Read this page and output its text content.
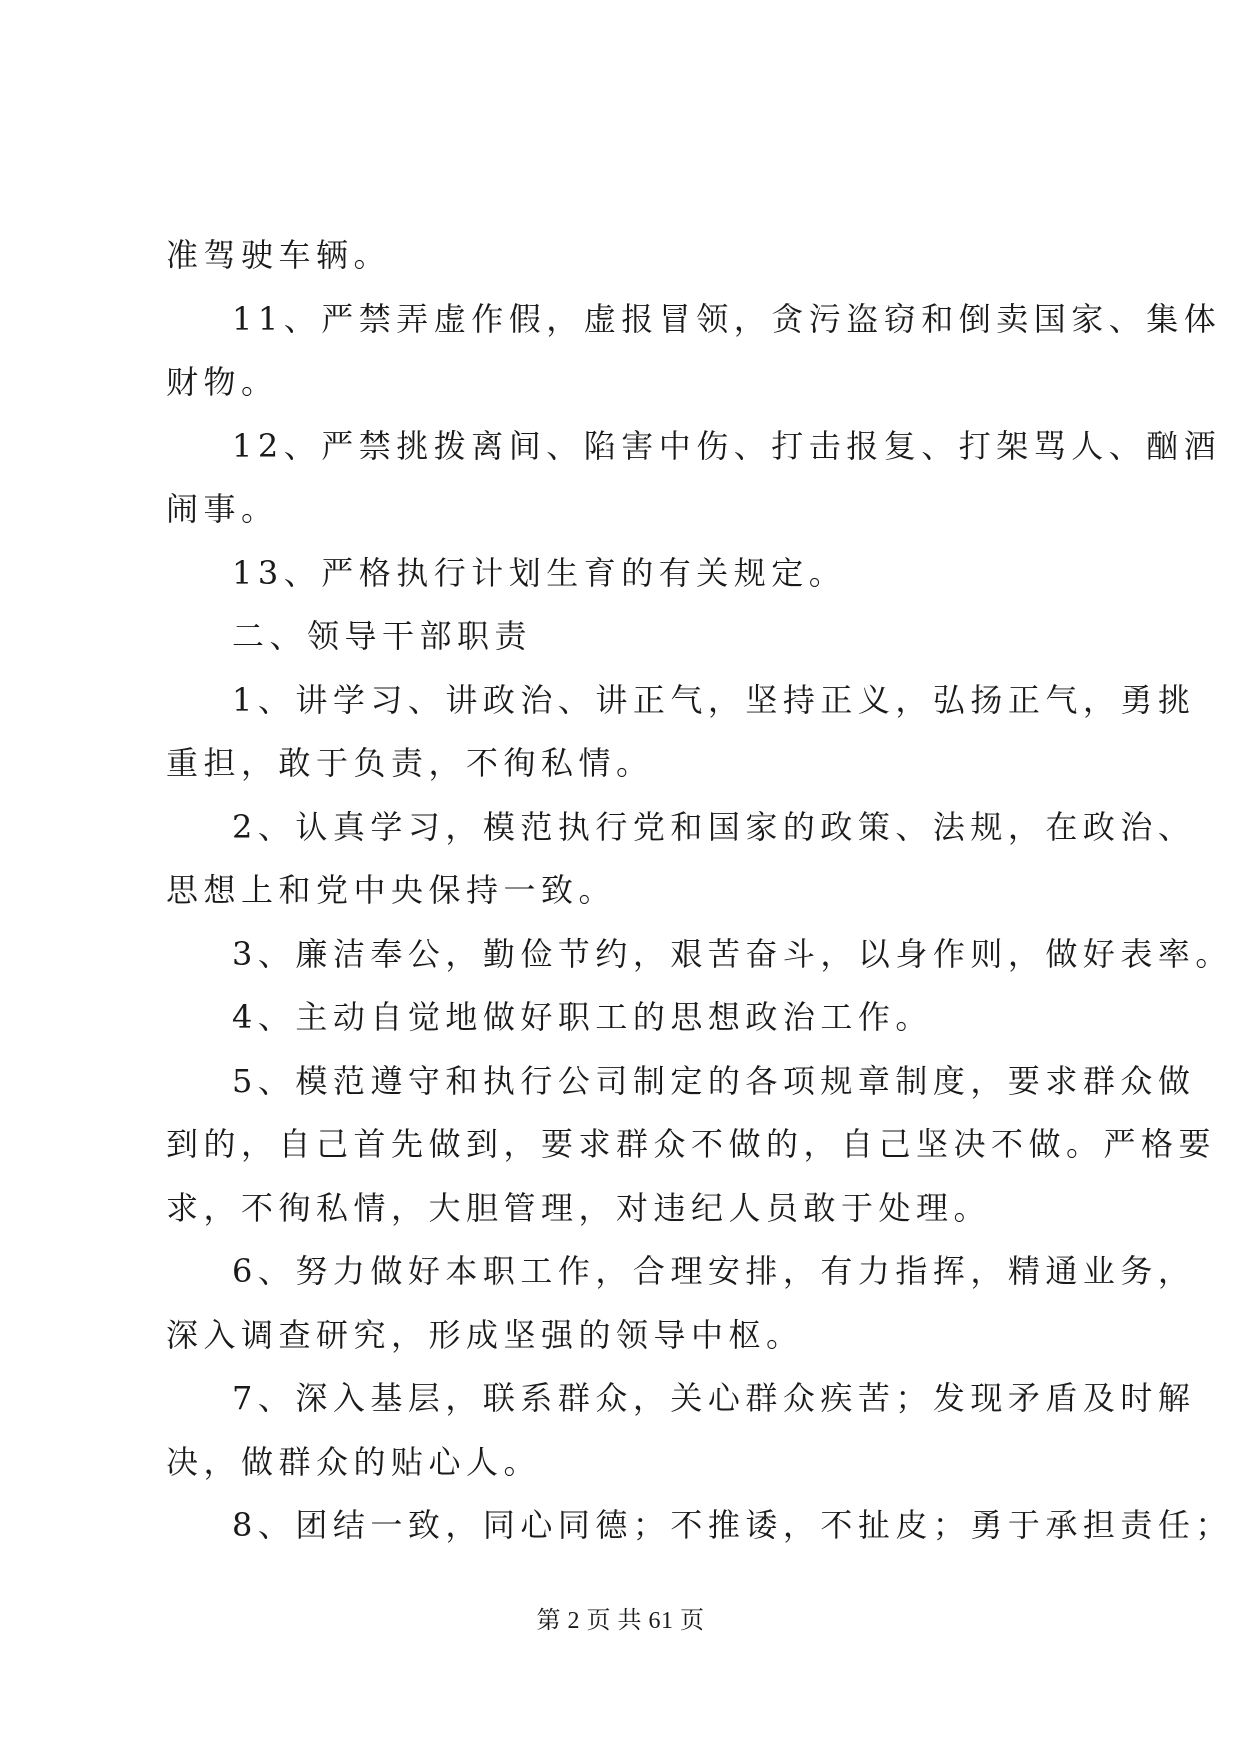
准驾驶车辆。
11、严禁弄虚作假，虚报冒领，贪污盗窃和倒卖国家、集体
财物。
12、严禁挑拨离间、陷害中伤、打击报复、打架骂人、酗酒
闹事。
13、严格执行计划生育的有关规定。
二、领导干部职责
1、讲学习、讲政治、讲正气，坚持正义，弘扬正气，勇挑
重担，敢于负责，不徇私情。
2、认真学习，模范执行党和国家的政策、法规，在政治、
思想上和党中央保持一致。
3、廉洁奉公，勤俭节约，艰苦奋斗，以身作则，做好表率。
4、主动自觉地做好职工的思想政治工作。
5、模范遵守和执行公司制定的各项规章制度，要求群众做
到的，自己首先做到，要求群众不做的，自己坚决不做。严格要
求，不徇私情，大胆管理，对违纪人员敢于处理。
6、努力做好本职工作，合理安排，有力指挥，精通业务，
深入调查研究，形成坚强的领导中枢。
7、深入基层，联系群众，关心群众疾苦；发现矛盾及时解
决，做群众的贴心人。
8、团结一致，同心同德；不推诿，不扯皮；勇于承担责任；
第 2 页 共 61 页
